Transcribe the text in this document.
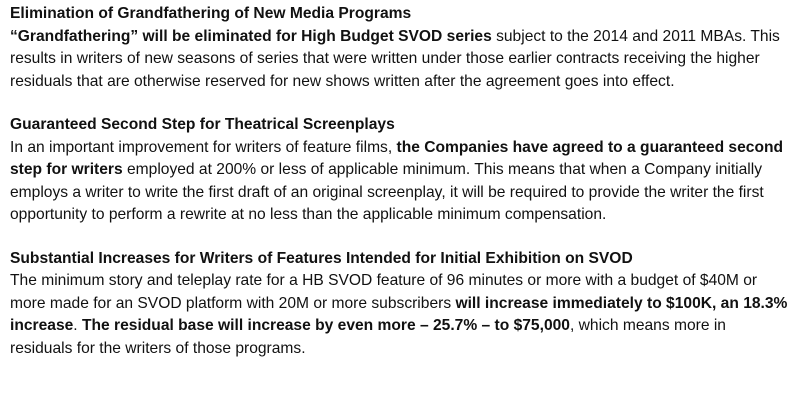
Elimination of Grandfathering of New Media Programs

“Grandfathering” will be eliminated for High Budget SVOD series subject to the 2014 and 2011 MBAs. This results in writers of new seasons of series that were written under those earlier contracts receiving the higher residuals that are otherwise reserved for new shows written after the agreement goes into effect.

Guaranteed Second Step for Theatrical Screenplays

In an important improvement for writers of feature films, the Companies have agreed to a guaranteed second step for writers employed at 200% or less of applicable minimum. This means that when a Company initially employs a writer to write the first draft of an original screenplay, it will be required to provide the writer the first opportunity to perform a rewrite at no less than the applicable minimum compensation.

Substantial Increases for Writers of Features Intended for Initial Exhibition on SVOD

The minimum story and teleplay rate for a HB SVOD feature of 96 minutes or more with a budget of $40M or more made for an SVOD platform with 20M or more subscribers will increase immediately to $100K, an 18.3% increase. The residual base will increase by even more – 25.7% – to $75,000, which means more in residuals for the writers of those programs.
